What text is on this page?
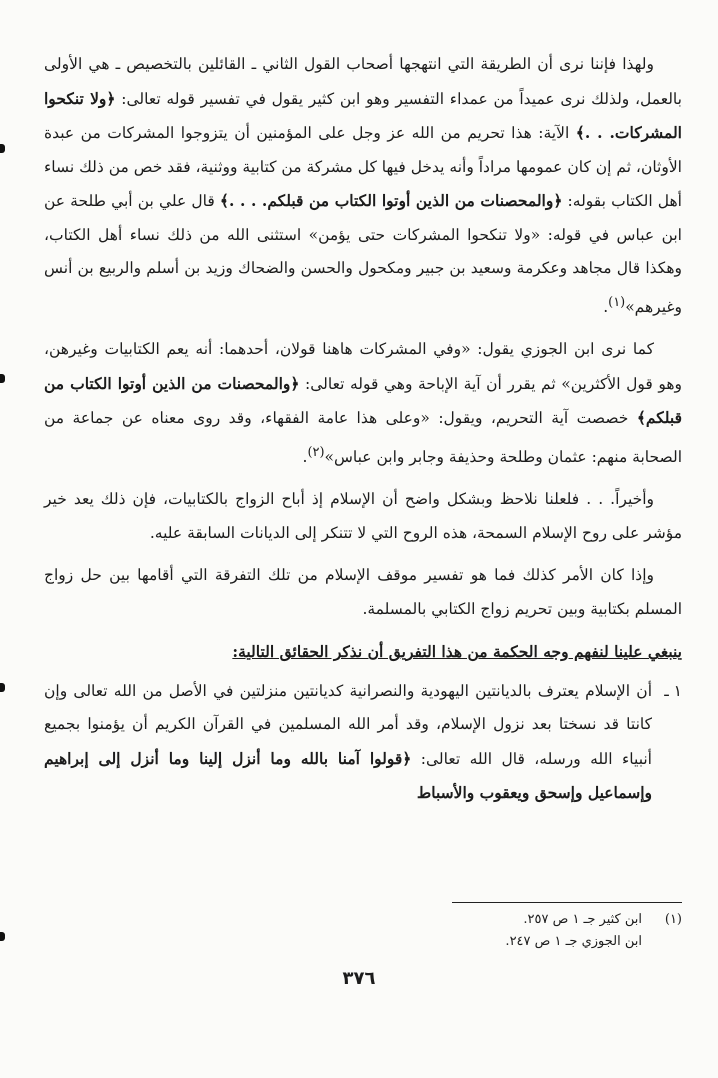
ولهذا فإننا نرى أن الطريقة التي انتهجها أصحاب القول الثاني ـ القائلين بالتخصيص ـ هي الأولى بالعمل، ولذلك نرى عميداً من عمداء التفسير وهو ابن كثير يقول في تفسير قوله تعالى: ﴿ولا تنكحوا المشركات. . .﴾ الآية: هذا تحريم من الله عز وجل على المؤمنين أن يتزوجوا المشركات من عبدة الأوثان، ثم إن كان عمومها مراداً وأنه يدخل فيها كل مشركة من كتابية ووثنية، فقد خص من ذلك نساء أهل الكتاب بقوله: ﴿والمحصنات من الذين أوتوا الكتاب من قبلكم. . . .﴾ قال علي بن أبي طلحة عن ابن عباس في قوله: «ولا تنكحوا المشركات حتى يؤمن» استثنى الله من ذلك نساء أهل الكتاب، وهكذا قال مجاهد وعكرمة وسعيد بن جبير ومكحول والحسن والضحاك وزيد بن أسلم والربيع بن أنس وغيرهم»$^{(١)}$.

كما نرى ابن الجوزي يقول: «وفي المشركات هاهنا قولان، أحدهما: أنه يعم الكتابيات وغيرهن، وهو قول الأكثرين» ثم يقرر أن آية الإباحة وهي قوله تعالى: ﴿والمحصنات من الذين أوتوا الكتاب من قبلكم﴾ خصصت آية التحريم، ويقول: «وعلى هذا عامة الفقهاء، وقد روى معناه عن جماعة من الصحابة منهم: عثمان وطلحة وحذيفة وجابر وابن عباس»$^{(٢)}$.

وأخيراً. . . فلعلنا نلاحظ وبشكل واضح أن الإسلام إذ أباح الزواج بالكتابيات، فإن ذلك يعد خير مؤشر على روح الإسلام السمحة، هذه الروح التي لا تتنكر إلى الديانات السابقة عليه.

وإذا كان الأمر كذلك فما هو تفسير موقف الإسلام من تلك التفرقة التي أقامها بين حل زواج المسلم بكتابية وبين تحريم زواج الكتابي بالمسلمة.

ينبغي علينا لنفهم وجه الحكمة من هذا التفريق أن نذكر الحقائق التالية:

١ ـ
أن الإسلام يعترف بالديانتين اليهودية والنصرانية كديانتين منزلتين في الأصل من الله تعالى وإن كانتا قد نسختا بعد نزول الإسلام، وقد أمر الله المسلمين في القرآن الكريم أن يؤمنوا بجميع أنبياء الله ورسله، قال الله تعالى: ﴿قولوا آمنا بالله وما أنزل إلينا وما أنزل إلى إبراهيم وإسماعيل وإسحق ويعقوب والأسباط
(١)
ابن كثير جـ ١ ص ٢٥٧.
ابن الجوزي جـ ١ ص ٢٤٧.
٣٧٦
